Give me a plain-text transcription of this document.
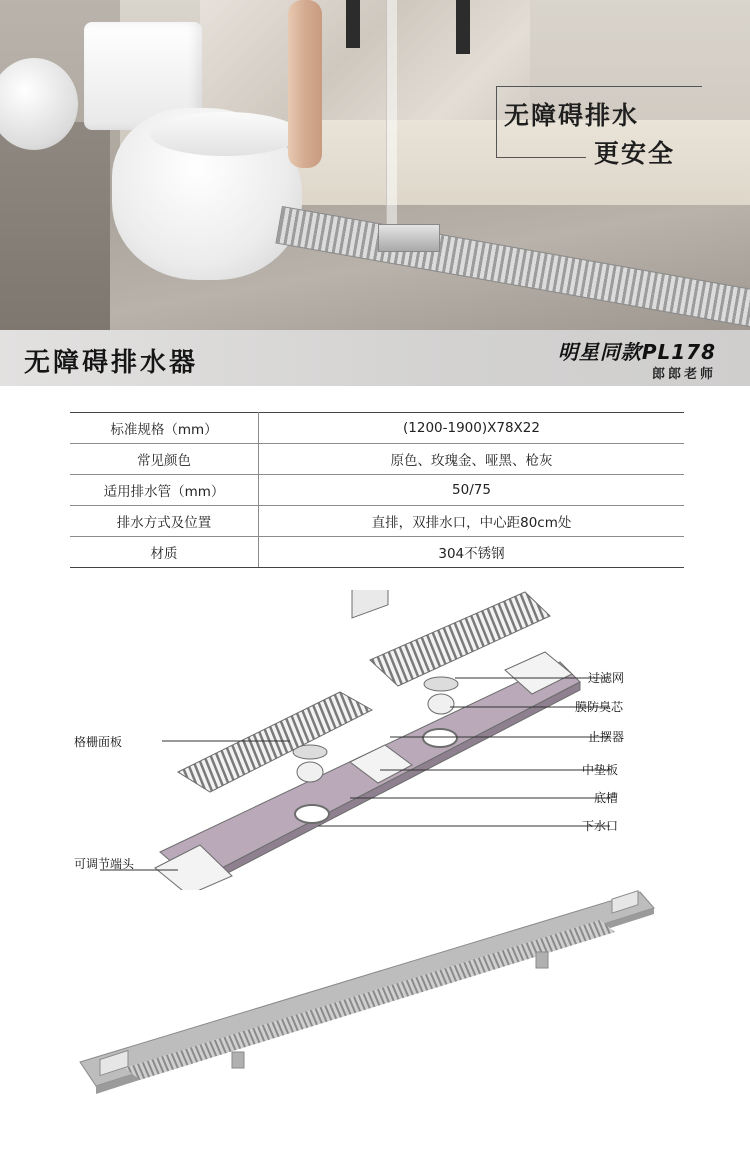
无障碍排水
更安全
无障碍排水器	明星同款PL178
郎郎老师
标准规格（mm）	(1200-1900)X78X22
常见颜色	原色、玫瑰金、哑黑、枪灰
适用排水管（mm）	50/75
排水方式及位置	直排，双排水口，中心距80cm处
材质	304不锈钢
过滤网
膜防臭芯
止摆器
格栅面板
中垫板
底槽
下水口
可调节端头
